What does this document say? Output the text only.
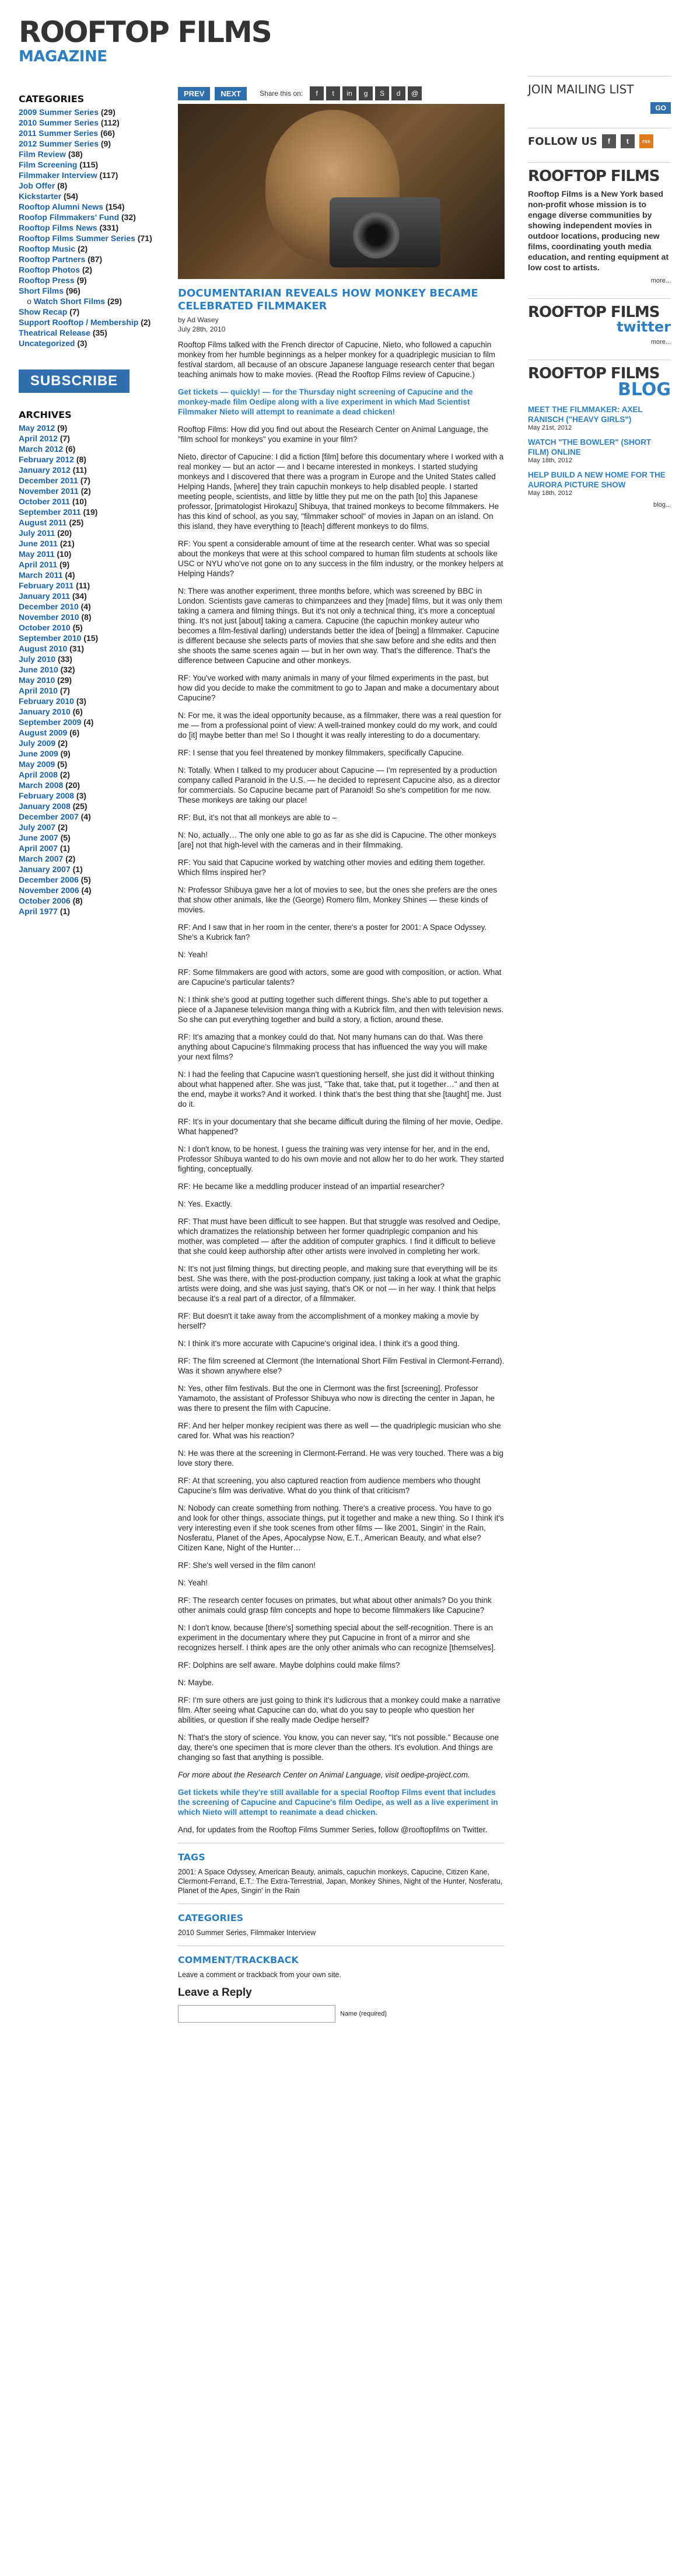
ROOFTOP FILMS
MAGAZINE
CATEGORIES
2009 Summer Series (29)
2010 Summer Series (112)
2011 Summer Series (66)
2012 Summer Series (9)
Film Review (38)
Film Screening (115)
Filmmaker Interview (117)
Job Offer (8)
Kickstarter (54)
Rooftop Alumni News (154)
Roofop Filmmakers' Fund (32)
Rooftop Films News (331)
Rooftop Films Summer Series (71)
Rooftop Music (2)
Rooftop Partners (87)
Rooftop Photos (2)
Rooftop Press (9)
Short Films (96)
o Watch Short Films (29)
Show Recap (7)
Support Rooftop / Membership (2)
Theatrical Release (35)
Uncategorized (3)
SUBSCRIBE
ARCHIVES
May 2012 (9)
April 2012 (7)
March 2012 (6)
February 2012 (8)
January 2012 (11)
December 2011 (7)
November 2011 (2)
October 2011 (10)
September 2011 (19)
August 2011 (25)
July 2011 (20)
June 2011 (21)
May 2011 (10)
April 2011 (9)
March 2011 (4)
February 2011 (11)
January 2011 (34)
December 2010 (4)
November 2010 (8)
October 2010 (5)
September 2010 (15)
August 2010 (31)
July 2010 (33)
June 2010 (32)
May 2010 (29)
April 2010 (7)
February 2010 (3)
January 2010 (6)
September 2009 (4)
August 2009 (6)
July 2009 (2)
June 2009 (9)
May 2009 (5)
April 2008 (2)
March 2008 (20)
February 2008 (3)
January 2008 (25)
December 2007 (4)
July 2007 (2)
June 2007 (5)
April 2007 (1)
March 2007 (2)
January 2007 (1)
December 2006 (5)
November 2006 (4)
October 2006 (8)
April 1977 (1)
PREV	NEXT	Share this on:	f	t	in	g	S	d	@
DOCUMENTARIAN REVEALS HOW MONKEY BECAME CELEBRATED FILMMAKER
by Ad Wasey
July 28th, 2010

Rooftop Films talked with the French director of Capucine, Nieto, who followed a capuchin monkey from her humble beginnings as a helper monkey for a quadriplegic musician to film festival stardom, all because of an obscure Japanese language research center that began teaching animals how to make movies. (Read the Rooftop Films review of Capucine.)

Get tickets — quickly! — for the Thursday night screening of Capucine and the monkey-made film Oedipe along with a live experiment in which Mad Scientist Filmmaker Nieto will attempt to reanimate a dead chicken!

Rooftop Films: How did you find out about the Research Center on Animal Language, the "film school for monkeys" you examine in your film?

Nieto, director of Capucine: I did a fiction [film] before this documentary where I worked with a real monkey — but an actor — and I became interested in monkeys. I started studying monkeys and I discovered that there was a program in Europe and the United States called Helping Hands, [where] they train capuchin monkeys to help disabled people. I started meeting people, scientists, and little by little they put me on the path [to] this Japanese professor, [primatologist Hirokazu] Shibuya, that trained monkeys to become filmmakers. He has this kind of school, as you say, "filmmaker school" of movies in Japan on an island. On this island, they have everything to [teach] different monkeys to do films.

RF: You spent a considerable amount of time at the research center. What was so special about the monkeys that were at this school compared to human film students at schools like USC or NYU who've not gone on to any success in the film industry, or the monkey helpers at Helping Hands?

N: There was another experiment, three months before, which was screened by BBC in London. Scientists gave cameras to chimpanzees and they [made] films, but it was only them taking a camera and filming things. But it's not only a technical thing, it's more a conceptual thing. It's not just [about] taking a camera. Capucine (the capuchin monkey auteur who becomes a film-festival darling) understands better the idea of [being] a filmmaker. Capucine is different because she selects parts of movies that she saw before and she edits and then she shoots the same scenes again — but in her own way. That's the difference. That's the difference between Capucine and other monkeys.

RF: You've worked with many animals in many of your filmed experiments in the past, but how did you decide to make the commitment to go to Japan and make a documentary about Capucine?

N: For me, it was the ideal opportunity because, as a filmmaker, there was a real question for me — from a professional point of view: A well-trained monkey could do my work, and could do [it] maybe better than me! So I thought it was really interesting to do a documentary.

RF: I sense that you feel threatened by monkey filmmakers, specifically Capucine.

N: Totally. When I talked to my producer about Capucine — I'm represented by a production company called Paranoid in the U.S. — he decided to represent Capucine also, as a director for commercials. So Capucine became part of Paranoid! So she's competition for me now. These monkeys are taking our place!

RF: But, it's not that all monkeys are able to –

N: No, actually… The only one able to go as far as she did is Capucine. The other monkeys [are] not that high-level with the cameras and in their filmmaking.

RF: You said that Capucine worked by watching other movies and editing them together. Which films inspired her?

N: Professor Shibuya gave her a lot of movies to see, but the ones she prefers are the ones that show other animals, like the (George) Romero film, Monkey Shines — these kinds of movies.

RF: And I saw that in her room in the center, there's a poster for 2001: A Space Odyssey. She's a Kubrick fan?

N: Yeah!

RF: Some filmmakers are good with actors, some are good with composition, or action. What are Capucine's particular talents?

N: I think she's good at putting together such different things. She's able to put together a piece of a Japanese television manga thing with a Kubrick film, and then with television news. So she can put everything together and build a story, a fiction, around these.

RF: It's amazing that a monkey could do that. Not many humans can do that. Was there anything about Capucine's filmmaking process that has influenced the way you will make your next films?

N: I had the feeling that Capucine wasn't questioning herself, she just did it without thinking about what happened after. She was just, "Take that, take that, put it together…" and then at the end, maybe it works? And it worked. I think that's the best thing that she [taught] me. Just do it.

RF: It's in your documentary that she became difficult during the filming of her movie, Oedipe. What happened?

N: I don't know, to be honest. I guess the training was very intense for her, and in the end, Professor Shibuya wanted to do his own movie and not allow her to do her work. They started fighting, conceptually.

RF: He became like a meddling producer instead of an impartial researcher?

N: Yes. Exactly.

RF: That must have been difficult to see happen. But that struggle was resolved and Oedipe, which dramatizes the relationship between her former quadriplegic companion and his mother, was completed — after the addition of computer graphics. I find it difficult to believe that she could keep authorship after other artists were involved in completing her work.

N: It's not just filming things, but directing people, and making sure that everything will be its best. She was there, with the post-production company, just taking a look at what the graphic artists were doing, and she was just saying, that's OK or not — in her way. I think that helps because it's a real part of a director, of a filmmaker.

RF: But doesn't it take away from the accomplishment of a monkey making a movie by herself?

N: I think it's more accurate with Capucine's original idea. I think it's a good thing.

RF: The film screened at Clermont (the International Short Film Festival in Clermont-Ferrand). Was it shown anywhere else?

N: Yes, other film festivals. But the one in Clermont was the first [screening]. Professor Yamamoto, the assistant of Professor Shibuya who now is directing the center in Japan, he was there to present the film with Capucine.

RF: And her helper monkey recipient was there as well — the quadriplegic musician who she cared for. What was his reaction?

N: He was there at the screening in Clermont-Ferrand. He was very touched. There was a big love story there.

RF: At that screening, you also captured reaction from audience members who thought Capucine's film was derivative. What do you think of that criticism?

N: Nobody can create something from nothing. There's a creative process. You have to go and look for other things, associate things, put it together and make a new thing. So I think it's very interesting even if she took scenes from other films — like 2001, Singin' in the Rain, Nosferatu, Planet of the Apes, Apocalypse Now, E.T., American Beauty, and what else? Citizen Kane, Night of the Hunter…

RF: She's well versed in the film canon!

N: Yeah!

RF: The research center focuses on primates, but what about other animals? Do you think other animals could grasp film concepts and hope to become filmmakers like Capucine?

N: I don't know, because [there's] something special about the self-recognition. There is an experiment in the documentary where they put Capucine in front of a mirror and she recognizes herself. I think apes are the only other animals who can recognize [themselves].

RF: Dolphins are self aware. Maybe dolphins could make films?

N: Maybe.

RF: I'm sure others are just going to think it's ludicrous that a monkey could make a narrative film. After seeing what Capucine can do, what do you say to people who question her abilities, or question if she really made Oedipe herself?

N: That's the story of science. You know, you can never say, "It's not possible." Because one day, there's one specimen that is more clever than the others. It's evolution. And things are changing so fast that anything is possible.

For more about the Research Center on Animal Language, visit oedipe-project.com.

Get tickets while they're still available for a special Rooftop Films event that includes the screening of Capucine and Capucine's film Oedipe, as well as a live experiment in which Nieto will attempt to reanimate a dead chicken.

And, for updates from the Rooftop Films Summer Series, follow @rooftopfilms on Twitter.

TAGS
2001: A Space Odyssey, American Beauty, animals, capuchin monkeys, Capucine, Citizen Kane, Clermont-Ferrand, E.T.: The Extra-Terrestrial, Japan, Monkey Shines, Night of the Hunter, Nosferatu, Planet of the Apes, Singin' in the Rain
CATEGORIES
2010 Summer Series, Filmmaker Interview
COMMENT/TRACKBACK
Leave a comment or trackback from your own site.
Leave a Reply
Name (required)
JOIN MAILING LIST
GO
FOLLOW US	f	t	rss
ROOFTOP FILMS
Rooftop Films is a New York based non-profit whose mission is to engage diverse communities by showing independent movies in outdoor locations, producing new films, coordinating youth media education, and renting equipment at low cost to artists.
more...
ROOFTOP FILMS
twitter
more...
ROOFTOP FILMS
BLOG
MEET THE FILMMAKER: AXEL RANISCH ("HEAVY GIRLS")
May 21st, 2012
WATCH "THE BOWLER" (SHORT FILM) ONLINE
May 18th, 2012
HELP BUILD A NEW HOME FOR THE AURORA PICTURE SHOW
May 18th, 2012
blog...
